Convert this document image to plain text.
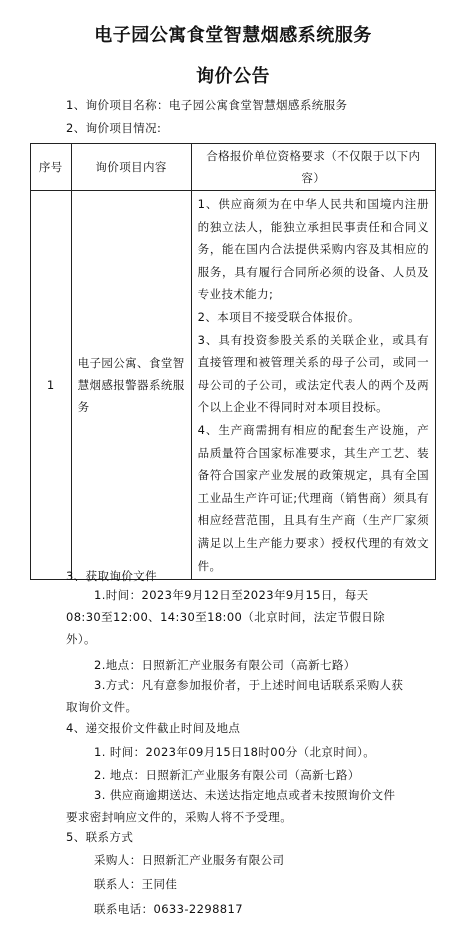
电子园公寓食堂智慧烟感系统服务
询价公告
1、询价项目名称：电子园公寓食堂智慧烟感系统服务
2、询价项目情况:
序号	询价项目内容	合格报价单位资格要求（不仅限于以下内容）
1	电子园公寓、食堂智慧烟感报警器系统服务	1、供应商须为在中华人民共和国境内注册的独立法人，能独立承担民事责任和合同义务，能在国内合法提供采购内容及其相应的服务，具有履行合同所必须的设备、人员及专业技术能力;
2、本项目不接受联合体报价。
3、具有投资参股关系的关联企业，或具有直接管理和被管理关系的母子公司，或同一母公司的子公司，或法定代表人的两个及两个以上企业不得同时对本项目投标。
4、生产商需拥有相应的配套生产设施，产品质量符合国家标准要求，其生产工艺、装备符合国家产业发展的政策规定，具有全国工业品生产许可证;代理商（销售商）须具有相应经营范围，且具有生产商（生产厂家须满足以上生产能力要求）授权代理的有效文件。
3、获取询价文件
1.时间：2023年9月12日至2023年9月15日，每天08:30至12:00、14:30至18:00（北京时间，法定节假日除外）。
2.地点：日照新汇产业服务有限公司（高新七路）
3.方式：凡有意参加报价者，于上述时间电话联系采购人获取询价文件。
4、递交报价文件截止时间及地点
1. 时间：2023年09月15日18时00分（北京时间）。
2. 地点：日照新汇产业服务有限公司（高新七路）
3. 供应商逾期送达、未送达指定地点或者未按照询价文件要求密封响应文件的，采购人将不予受理。
5、联系方式
采购人：日照新汇产业服务有限公司
联系人：王同佳
联系电话：0633-2298817
